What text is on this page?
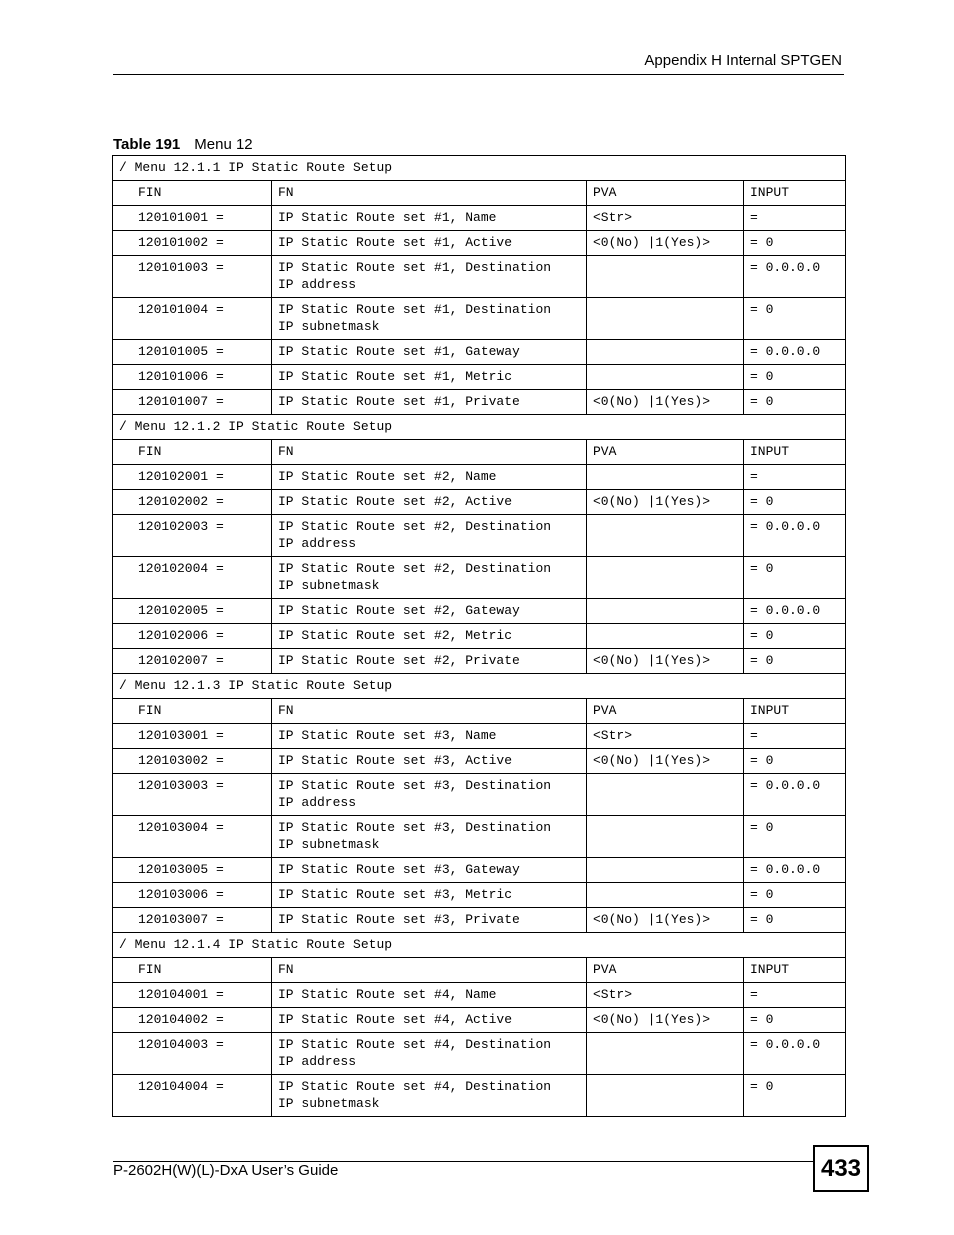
Appendix H Internal SPTGEN
Table 191 Menu 12
/ Menu 12.1.1 IP Static Route Setup			
FIN	FN	PVA	INPUT
120101001 =	IP Static Route set #1, Name	<Str>	=
120101002 =	IP Static Route set #1, Active	<0(No) |1(Yes)>	= 0
120101003 =	IP Static Route set #1, Destination
IP address		= 0.0.0.0
120101004 =	IP Static Route set #1, Destination
IP subnetmask		= 0
120101005 =	IP Static Route set #1, Gateway		= 0.0.0.0
120101006 =	IP Static Route set #1, Metric		= 0
120101007 =	IP Static Route set #1, Private	<0(No) |1(Yes)>	= 0
/ Menu 12.1.2 IP Static Route Setup			
FIN	FN	PVA	INPUT
120102001 =	IP Static Route set #2, Name		=
120102002 =	IP Static Route set #2, Active	<0(No) |1(Yes)>	= 0
120102003 =	IP Static Route set #2, Destination
IP address		= 0.0.0.0
120102004 =	IP Static Route set #2, Destination
IP subnetmask		= 0
120102005 =	IP Static Route set #2, Gateway		= 0.0.0.0
120102006 =	IP Static Route set #2, Metric		= 0
120102007 =	IP Static Route set #2, Private	<0(No) |1(Yes)>	= 0
/ Menu 12.1.3 IP Static Route Setup			
FIN	FN	PVA	INPUT
120103001 =	IP Static Route set #3, Name	<Str>	=
120103002 =	IP Static Route set #3, Active	<0(No) |1(Yes)>	= 0
120103003 =	IP Static Route set #3, Destination
IP address		= 0.0.0.0
120103004 =	IP Static Route set #3, Destination
IP subnetmask		= 0
120103005 =	IP Static Route set #3, Gateway		= 0.0.0.0
120103006 =	IP Static Route set #3, Metric		= 0
120103007 =	IP Static Route set #3, Private	<0(No) |1(Yes)>	= 0
/ Menu 12.1.4 IP Static Route Setup			
FIN	FN	PVA	INPUT
120104001 =	IP Static Route set #4, Name	<Str>	=
120104002 =	IP Static Route set #4, Active	<0(No) |1(Yes)>	= 0
120104003 =	IP Static Route set #4, Destination
IP address		= 0.0.0.0
120104004 =	IP Static Route set #4, Destination
IP subnetmask		= 0
P-2602H(W)(L)-DxA User’s Guide	433
